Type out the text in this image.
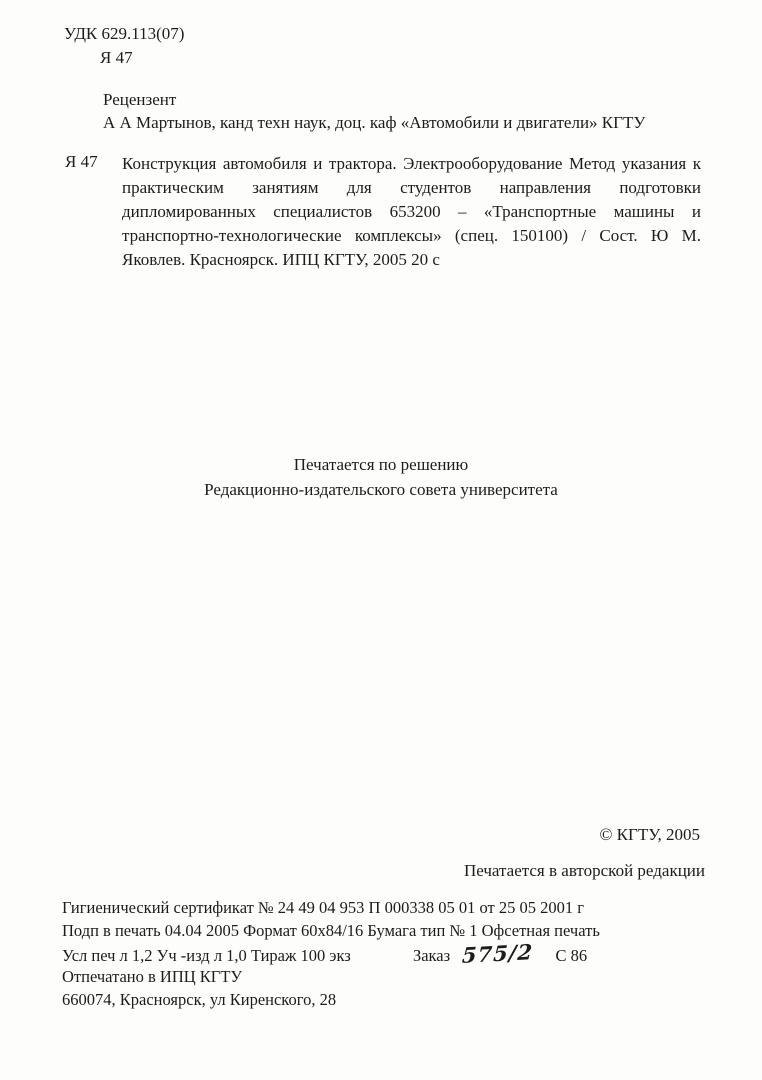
УДК 629.113(07)
Я 47
Рецензент
А А Мартынов, канд техн наук, доц. каф «Автомобили и двигатели» КГТУ
Я 47	Конструкция автомобиля и трактора. Электрооборудование Метод указания к практическим занятиям для студентов направления подготовки дипломированных специалистов 653200 – «Транспортные машины и транспортно-технологические комплексы» (спец. 150100) / Сост. Ю М. Яковлев. Красноярск. ИПЦ КГТУ, 2005 20 с
Печатается по решению
Редакционно-издательского совета университета
© КГТУ, 2005
Печатается в авторской редакции
Гигиенический сертификат № 24 49 04 953 П 000338 05 01 от 25 05 2001 г
Подп в печать 04.04 2005 Формат 60х84/16 Бумага тип № 1 Офсетная печать
Усл печ л 1,2 Уч -изд л 1,0 Тираж 100 экз	Заказ 575/2 С 86
Отпечатано в ИПЦ КГТУ
660074, Красноярск, ул Киренского, 28
